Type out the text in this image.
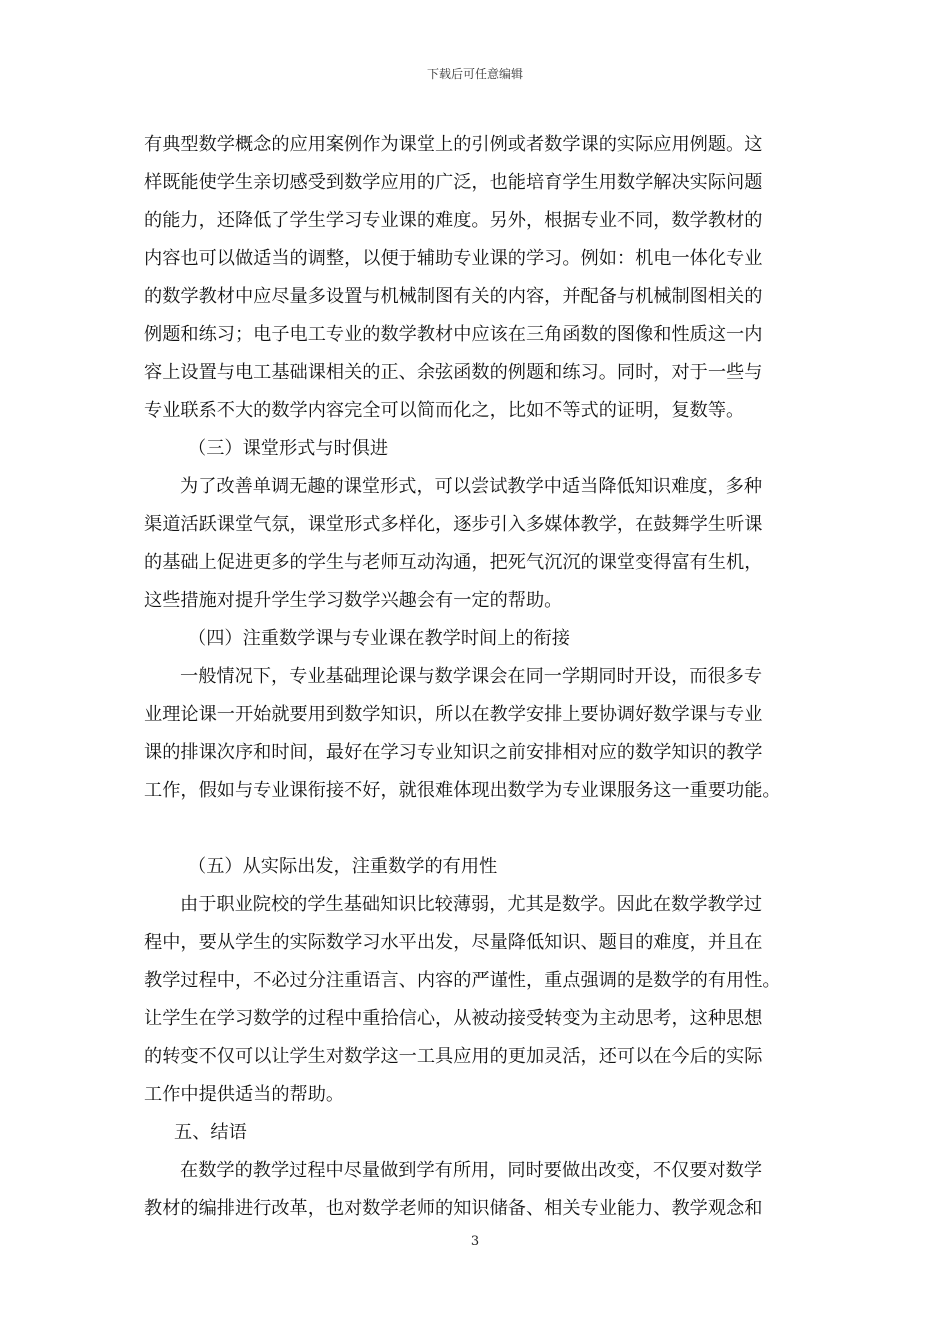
下载后可任意编辑
有典型数学概念的应用案例作为课堂上的引例或者数学课的实际应用例题。这
样既能使学生亲切感受到数学应用的广泛，也能培育学生用数学解决实际问题
的能力，还降低了学生学习专业课的难度。另外，根据专业不同，数学教材的
内容也可以做适当的调整，以便于辅助专业课的学习。例如：机电一体化专业
的数学教材中应尽量多设置与机械制图有关的内容，并配备与机械制图相关的
例题和练习；电子电工专业的数学教材中应该在三角函数的图像和性质这一内
容上设置与电工基础课相关的正、余弦函数的例题和练习。同时，对于一些与
专业联系不大的数学内容完全可以简而化之，比如不等式的证明，复数等。
（三）课堂形式与时俱进
为了改善单调无趣的课堂形式，可以尝试教学中适当降低知识难度，多种
渠道活跃课堂气氛，课堂形式多样化，逐步引入多媒体教学，在鼓舞学生听课
的基础上促进更多的学生与老师互动沟通，把死气沉沉的课堂变得富有生机，
这些措施对提升学生学习数学兴趣会有一定的帮助。
（四）注重数学课与专业课在教学时间上的衔接
一般情况下，专业基础理论课与数学课会在同一学期同时开设，而很多专
业理论课一开始就要用到数学知识，所以在教学安排上要协调好数学课与专业
课的排课次序和时间，最好在学习专业知识之前安排相对应的数学知识的教学
工作，假如与专业课衔接不好，就很难体现出数学为专业课服务这一重要功能。
（五）从实际出发，注重数学的有用性
由于职业院校的学生基础知识比较薄弱，尤其是数学。因此在数学教学过
程中，要从学生的实际数学习水平出发，尽量降低知识、题目的难度，并且在
教学过程中，不必过分注重语言、内容的严谨性，重点强调的是数学的有用性。
让学生在学习数学的过程中重拾信心，从被动接受转变为主动思考，这种思想
的转变不仅可以让学生对数学这一工具应用的更加灵活，还可以在今后的实际
工作中提供适当的帮助。
五、结语
在数学的教学过程中尽量做到学有所用，同时要做出改变，不仅要对数学
教材的编排进行改革，也对数学老师的知识储备、相关专业能力、教学观念和
3
